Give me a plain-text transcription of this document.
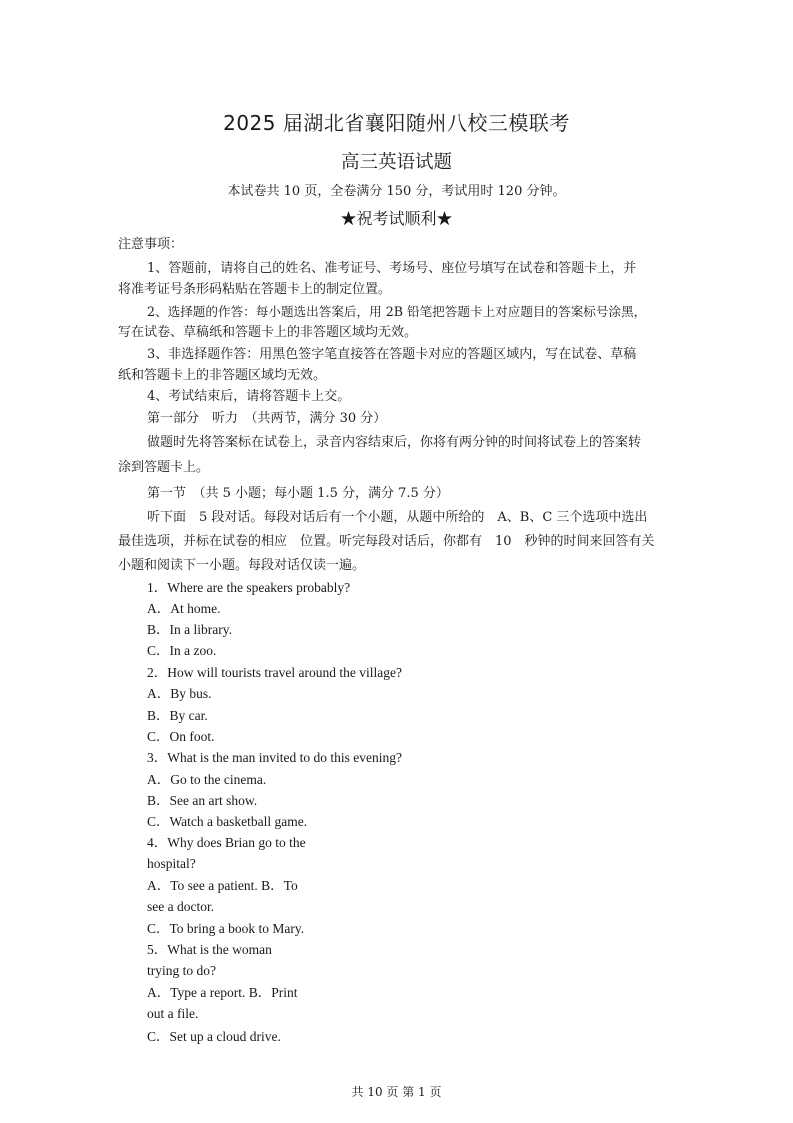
2025 届湖北省襄阳随州八校三模联考
高三英语试题
本试卷共 10 页，全卷满分 150 分，考试用时 120 分钟。
★祝考试顺利★
注意事项：
1、答题前，请将自己的姓名、准考证号、考场号、座位号填写在试卷和答题卡上，并
将准考证号条形码粘贴在答题卡上的制定位置。
2、选择题的作答：每小题选出答案后，用 2B 铅笔把答题卡上对应题目的答案标号涂黑，
写在试卷、草稿纸和答题卡上的非答题区域均无效。
3、非选择题作答：用黑色签字笔直接答在答题卡对应的答题区域内，写在试卷、草稿
纸和答题卡上的非答题区域均无效。
4、考试结束后，请将答题卡上交。
第一部分　听力　（共两节，满分 30 分）
做题时先将答案标在试卷上，录音内容结束后，你将有两分钟的时间将试卷上的答案转
涂到答题卡上。
第一节　（共 5 小题；每小题 1.5 分，满分 7.5 分）
听下面　5 段对话。每段对话后有一个小题，从题中所给的　A、B、C 三个选项中选出
最佳选项，并标在试卷的相应　位置。听完每段对话后，你都有　10　秒钟的时间来回答有关
小题和阅读下一小题。每段对话仅读一遍。
1．Where are the speakers probably?
A．At home.
B．In a library.
C．In a zoo.
2．How will tourists travel around the village?
A．By bus.
B．By car.
C．On foot.
3．What is the man invited to do this evening?
A．Go to the cinema.
B．See an art show.
C．Watch a basketball game.
4．Why does Brian go to the
hospital?
A．To see a patient. B．To
see a doctor.
C．To bring a book to Mary.
5．What is the woman
trying to do?
A．Type a report. B．Print
out a file.
C．Set up a cloud drive.
共 10 页 第 1 页
